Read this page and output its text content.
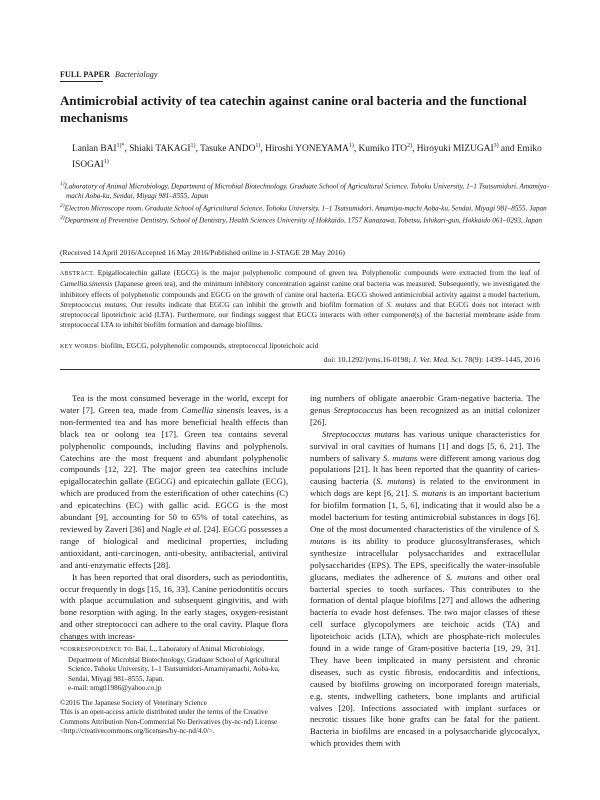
FULL PAPER Bacteriology
Antimicrobial activity of tea catechin against canine oral bacteria and the functional mechanisms
Lanlan $BAI^{1)*}$, Shiaki TAKAGI$^{1)}$, Tasuke ANDO$^{1)}$, Hiroshi YONEYAMA$^{1)}$, Kumiko ITO$^{2)}$, Hiroyuki MIZUGAI$^{3)}$ and Emiko ISOGAI$^{1)}$

$^{1)}$Laboratory of Animal Microbiology, Department of Microbial Biotechnology, Graduate School of Agricultural Science, Tohoku University, 1–1 Tsutsumidori, Amamiya-machi Aoba-ku, Sendai, Miyagi 981–8555, Japan

$^{2)}$Electron Microscope room, Graduate School of Agricultural Science, Tohoku University, 1–1 Tsutsumidori, Amamiya-machi Aoba-ku, Sendai, Miyagi 981–8555, Japan

$^{3)}$Department of Preventive Dentistry, School of Dentistry, Health Sciences University of Hokkaido, 1757 Kanazawa, Tobetsu, Ishikari-gun, Hokkaido 061–0293, Japan

(Received 14 April 2016/Accepted 16 May 2016/Published online in J-STAGE 28 May 2016)
ABSTRACT. Epigallocatechin gallate (EGCG) is the major polyphenolic compound of green tea. Polyphenolic compounds were extracted from the leaf of Camellia.sinensis (Japanese green tea), and the minimum inhibitory concentration against canine oral bacteria was measured. Subsequently, we investigated the inhibitory effects of polyphenolic compounds and EGCG on the growth of canine oral bacteria. EGCG showed antimicrobial activity against a model bacterium, Streptococcus mutans. Our results indicate that EGCG can inhibit the growth and biofilm formation of S. mutans and that EGCG does not interact with streptococcal lipoteichoic acid (LTA). Furthermore, our findings suggest that EGCG interacts with other component(s) of the bacterial membrane aside from streptococcal LTA to inhibit biofilm formation and damage biofilms.
KEY WORDS: biofilm, EGCG, polyphenolic compounds, streptococcal lipoteichoic acid
doi: 10.1292/jvms.16-0198; J. Vet. Med. Sci. 78(9): 1439–1445, 2016

Tea is the most consumed beverage in the world, except for water [7]. Green tea, made from Camellia sinensis leaves, is a non-fermented tea and has more beneficial health effects than black tea or oolong tea [17]. Green tea contains several polyphenolic compounds, including flavins and polyphenols. Catechins are the most frequent and abundant polyphenolic compounds [12, 22]. The major green tea catechins include epigallocatechin gallate (EGCG) and epicatechin gallate (ECG), which are produced from the esterification of other catechins (C) and epicatechins (EC) with gallic acid. EGCG is the most abundant [9], accounting for 50 to 65% of total catechins, as reviewed by Zaveri [36] and Nagle et al. [24]. EGCG possesses a range of biological and medicinal properties, including antioxidant, anti-carcinogen, anti-obesity, antibacterial, antiviral and anti-enzymatic effects [28].

It has been reported that oral disorders, such as periodontitis, occur frequently in dogs [15, 16, 33]. Canine periodontitis occurs with plaque accumulation and subsequent gingivitis, and with bone resorption with aging. In the early stages, oxygen-resistant and other streptococci can adhere to the oral cavity. Plaque flora changes with increas-

ing numbers of obligate anaerobic Gram-negative bacteria. The genus Streptococcus has been recognized as an initial colonizer [26].

Streptococcus mutans has various unique characteristics for survival in oral cavities of humans [1] and dogs [5, 6, 21]. The numbers of salivary S. mutans were different among various dog populations [21]. It has been reported that the quantity of caries-causing bacteria (S. mutans) is related to the environment in which dogs are kept [6, 21]. S. mutans is an important bacterium for biofilm formation [1, 5, 6], indicating that it would also be a model bacterium for testing antimicrobial substances in dogs [6]. One of the most documented characteristics of the virulence of S. mutans is its ability to produce glucosyltransferases, which synthesize intracellular polysaccharides and extracellular polysaccharides (EPS). The EPS, specifically the water-insoluble glucans, mediates the adherence of S. mutans and other oral bacterial species to tooth surfaces. This contributes to the formation of dental plaque biofilms [27] and allows the adhering bacteria to evade host defenses. The two major classes of these cell surface glycopolymers are teichoic acids (TA) and lipoteichoic acids (LTA), which are phosphate-rich molecules found in a wide range of Gram-positive bacteria [19, 29, 31]. They have been implicated in many persistent and chronic diseases, such as cystic fibrosis, endocarditis and infections, caused by biofilms growing on incorporated foreign materials, e.g. stents, indwelling catheters, bone implants and artificial valves [20]. Infections associated with implant surfaces or necrotic tissues like bone grafts can be fatal for the patient. Bacteria in biofilms are encased in a polysaccharide glycocalyx, which provides them with

*CORRESPONDENCE TO: Bai, L., Laboratory of Animal Microbiology, Department of Microbial Biotechnology, Graduate School of Agricultural Science, Tohoku University, 1–1 Tsutsumidori-Amamiyamachi, Aoba-ku, Sendai, Miyagi 981–8555, Japan.
e-mail: nmgtl1986@yahoo.co.jp
©2016 The Japanese Society of Veterinary Science
This is an open-access article distributed under the terms of the Creative Commons Attribution Non-Commercial No Derivatives (by-nc-nd) License <http://creativecommons.org/licenses/by-nc-nd/4.0/>.
